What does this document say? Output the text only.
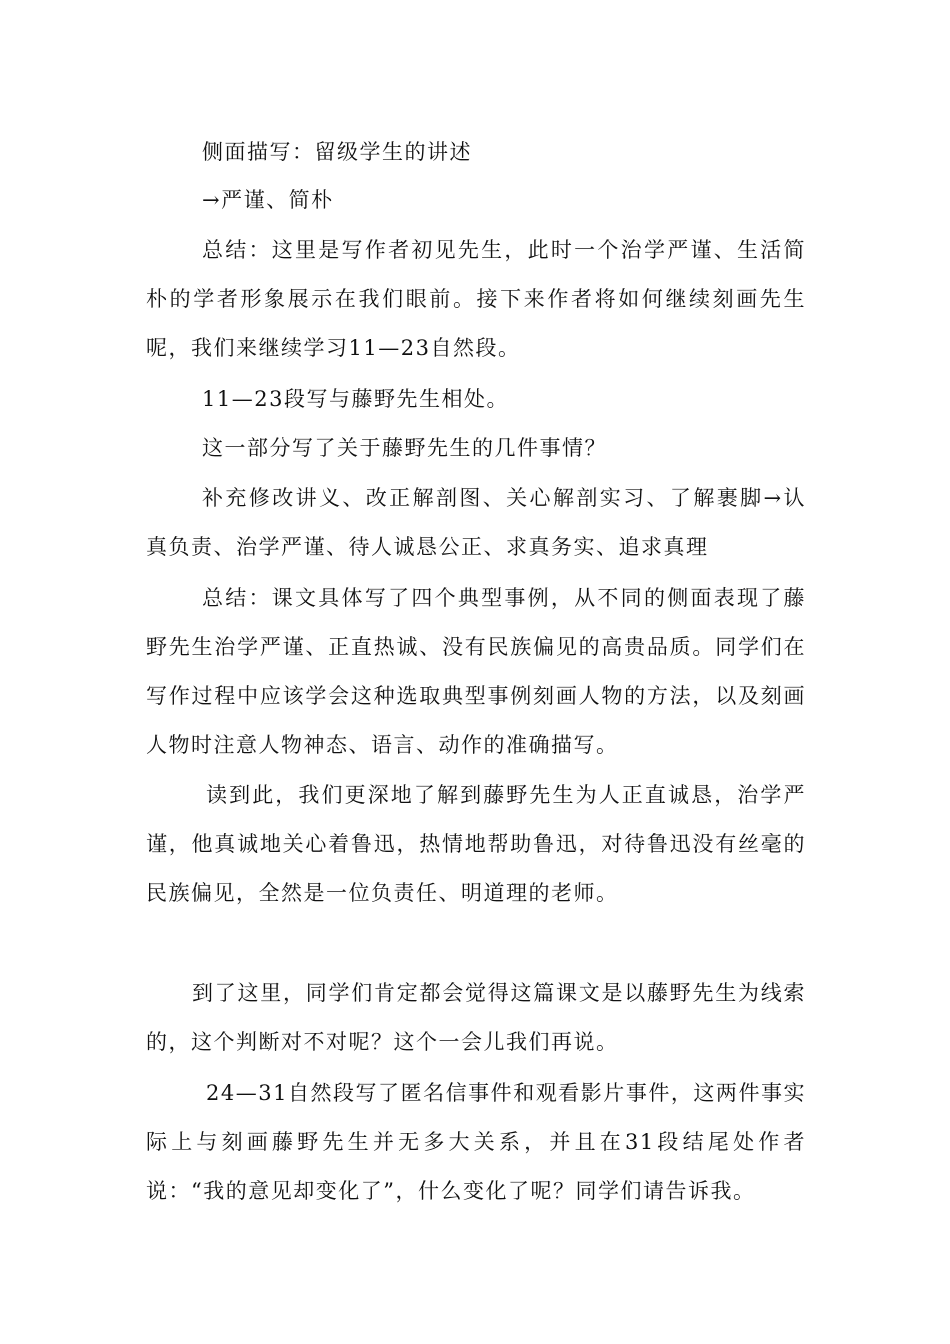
侧面描写：留级学生的讲述

→严谨、简朴

总结：这里是写作者初见先生，此时一个治学严谨、生活简朴的学者形象展示在我们眼前。接下来作者将如何继续刻画先生呢，我们来继续学习11—23自然段。

11—23段写与藤野先生相处。

这一部分写了关于藤野先生的几件事情？

补充修改讲义、改正解剖图、关心解剖实习、了解裹脚→认真负责、治学严谨、待人诚恳公正、求真务实、追求真理

总结：课文具体写了四个典型事例，从不同的侧面表现了藤野先生治学严谨、正直热诚、没有民族偏见的高贵品质。同学们在写作过程中应该学会这种选取典型事例刻画人物的方法，以及刻画人物时注意人物神态、语言、动作的准确描写。

读到此，我们更深地了解到藤野先生为人正直诚恳，治学严谨，他真诚地关心着鲁迅，热情地帮助鲁迅，对待鲁迅没有丝毫的民族偏见，全然是一位负责任、明道理的老师。

到了这里，同学们肯定都会觉得这篇课文是以藤野先生为线索的，这个判断对不对呢？这个一会儿我们再说。

24—31自然段写了匿名信事件和观看影片事件，这两件事实际上与刻画藤野先生并无多大关系，并且在31段结尾处作者说：“我的意见却变化了”，什么变化了呢？同学们请告诉我。
